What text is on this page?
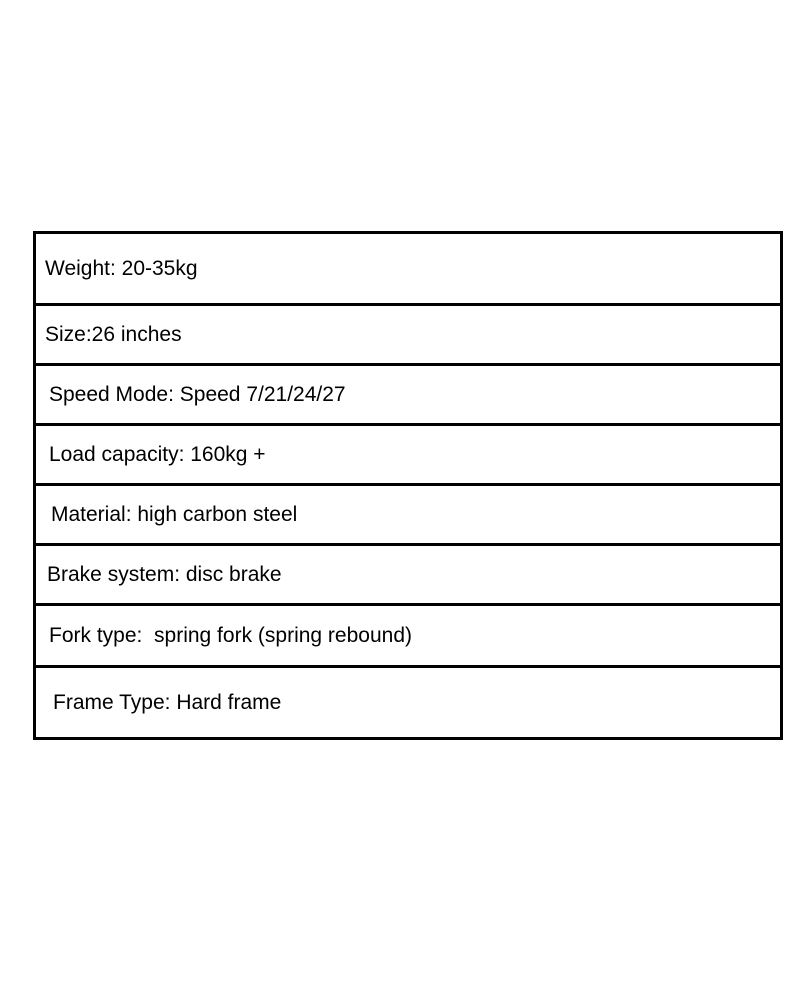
Weight: 20-35kg
Size:26 inches
Speed Mode: Speed 7/21/24/27
Load capacity: 160kg +
Material: high carbon steel
Brake system: disc brake
Fork type:  spring fork (spring rebound)
Frame Type: Hard frame
